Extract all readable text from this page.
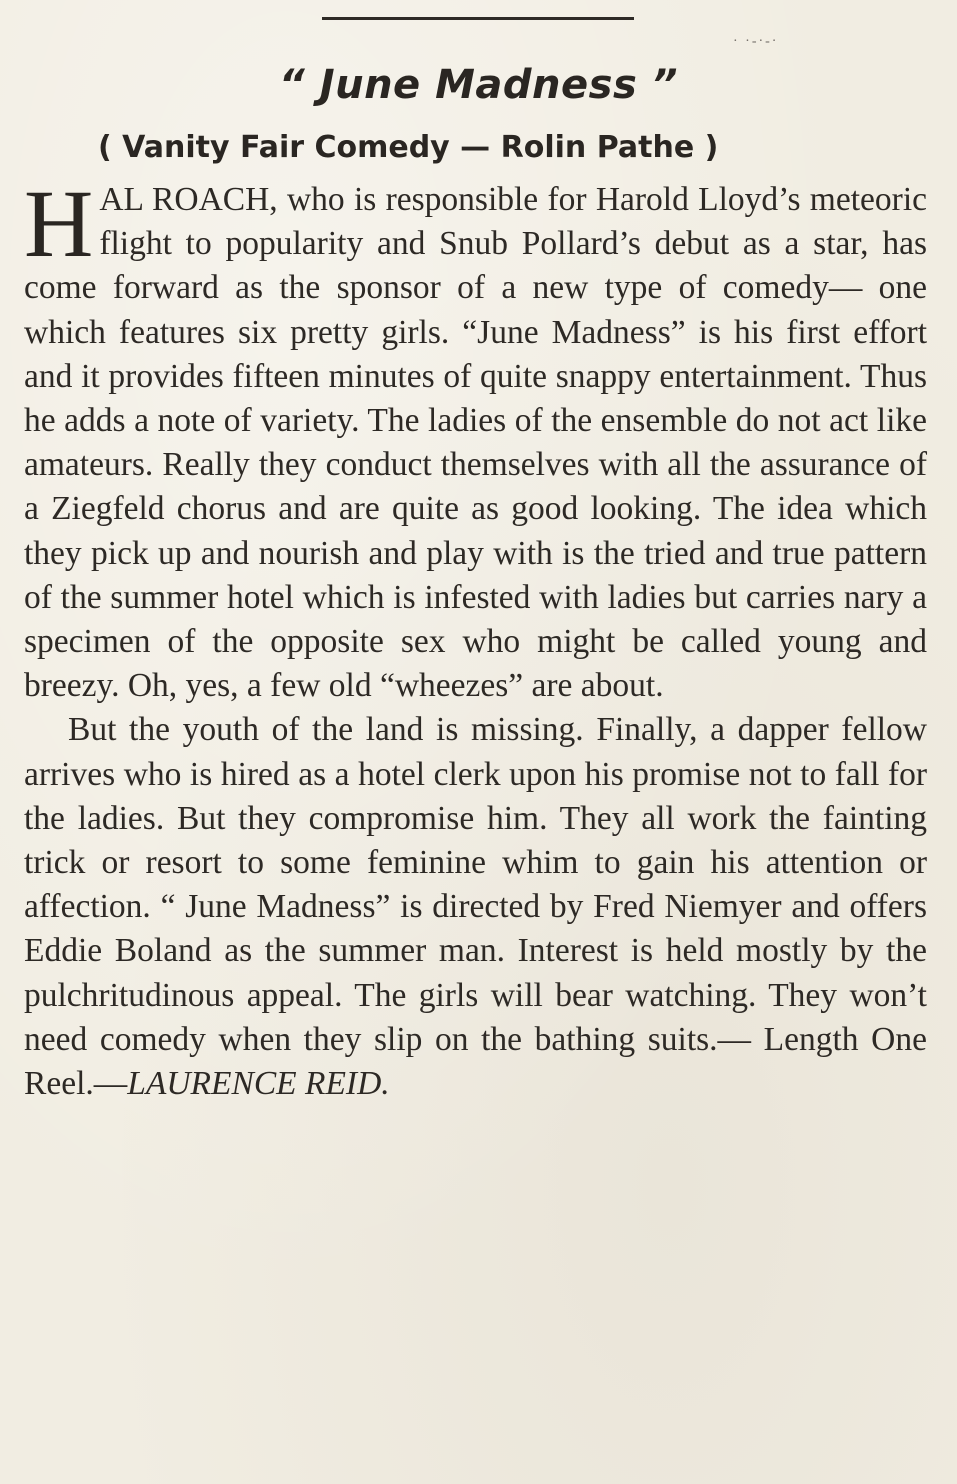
· ·-·-·
“ June Madness ”
( Vanity Fair Comedy — Rolin Pathe )

HAL ROACH, who is responsible for Harold Lloyd’s meteoric flight to popularity and Snub Pollard’s debut as a star, has come forward as the sponsor of a new type of comedy— one which features six pretty girls. “June Madness” is his first effort and it provides fifteen minutes of quite snappy entertainment. Thus he adds a note of variety. The ladies of the ensemble do not act like amateurs. Really they conduct themselves with all the assurance of a Ziegfeld chorus and are quite as good looking. The idea which they pick up and nourish and play with is the tried and true pattern of the summer hotel which is infested with ladies but carries nary a specimen of the opposite sex who might be called young and breezy. Oh, yes, a few old “wheezes” are about.

But the youth of the land is missing. Finally, a dapper fellow arrives who is hired as a hotel clerk upon his promise not to fall for the ladies. But they compromise him. They all work the fainting trick or resort to some feminine whim to gain his attention or affection. “ June Madness” is directed by Fred Niemyer and offers Eddie Boland as the summer man. Interest is held mostly by the pulchritudinous appeal. The girls will bear watching. They won’t need comedy when they slip on the bathing suits.— Length One Reel.—LAURENCE REID.
